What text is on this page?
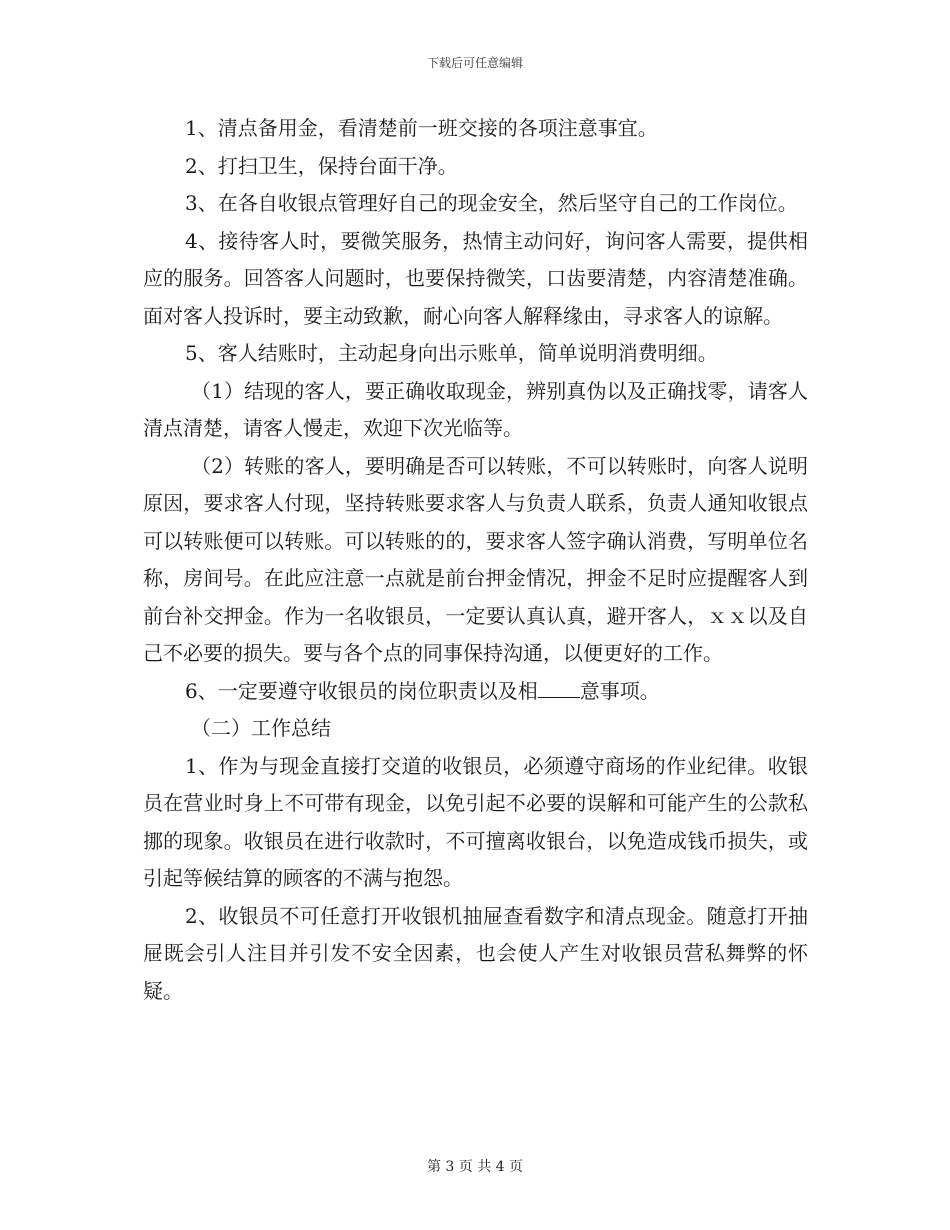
下载后可任意编辑

1、清点备用金，看清楚前一班交接的各项注意事宜。

2、打扫卫生，保持台面干净。

3、在各自收银点管理好自己的现金安全，然后坚守自己的工作岗位。

4、接待客人时，要微笑服务，热情主动问好，询问客人需要，提供相应的服务。回答客人问题时，也要保持微笑，口齿要清楚，内容清楚准确。面对客人投诉时，要主动致歉，耐心向客人解释缘由，寻求客人的谅解。

5、客人结账时，主动起身向出示账单，简单说明消费明细。

（1）结现的客人，要正确收取现金，辨别真伪以及正确找零，请客人清点清楚，请客人慢走，欢迎下次光临等。

（2）转账的客人，要明确是否可以转账，不可以转账时，向客人说明原因，要求客人付现，坚持转账要求客人与负责人联系，负责人通知收银点可以转账便可以转账。可以转账的的，要求客人签字确认消费，写明单位名称，房间号。在此应注意一点就是前台押金情况，押金不足时应提醒客人到前台补交押金。作为一名收银员，一定要认真认真，避开客人，ｘｘ以及自己不必要的损失。要与各个点的同事保持沟通，以便更好的工作。

6、一定要遵守收银员的岗位职责以及相 意事项。

（二）工作总结

1、作为与现金直接打交道的收银员，必须遵守商场的作业纪律。收银员在营业时身上不可带有现金，以免引起不必要的误解和可能产生的公款私挪的现象。收银员在进行收款时，不可擅离收银台，以免造成钱币损失，或引起等候结算的顾客的不满与抱怨。

2、收银员不可任意打开收银机抽屉查看数字和清点现金。随意打开抽屉既会引人注目并引发不安全因素，也会使人产生对收银员营私舞弊的怀疑。

第 3 页 共 4 页
